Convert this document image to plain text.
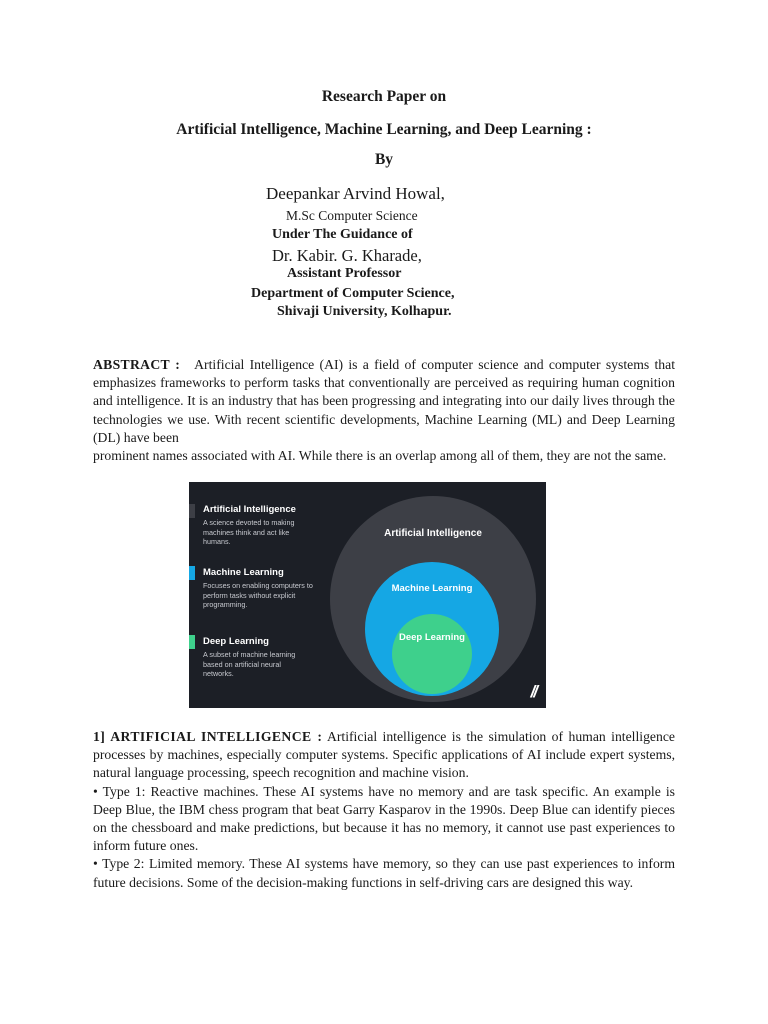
Research Paper on
Artificial Intelligence, Machine Learning, and Deep Learning :
By
Deepankar Arvind Howal,
M.Sc Computer Science
Under The Guidance of
Dr. Kabir. G. Kharade,
Assistant Professor
Department of Computer Science,
Shivaji University, Kolhapur.

ABSTRACT : Artificial Intelligence (AI) is a field of computer science and computer systems that emphasizes frameworks to perform tasks that conventionally are perceived as requiring human cognition and intelligence. It is an industry that has been progressing and integrating into our daily lives through the technologies we use. With recent scientific developments, Machine Learning (ML) and Deep Learning (DL) have been
prominent names associated with AI. While there is an overlap among all of them, they are not the same.

Artificial Intelligence
A science devoted to making machines think and act like humans.
Machine Learning
Focuses on enabling computers to perform tasks without explicit programming.
Deep Learning
A subset of machine learning based on artificial neural networks.
Artificial Intelligence
Machine Learning
Deep Learning
//

1] ARTIFICIAL INTELLIGENCE : Artificial intelligence is the simulation of human intelligence processes by machines, especially computer systems. Specific applications of AI include expert systems, natural language processing, speech recognition and machine vision.
• Type 1: Reactive machines. These AI systems have no memory and are task specific. An example is Deep Blue, the IBM chess program that beat Garry Kasparov in the 1990s. Deep Blue can identify pieces on the chessboard and make predictions, but because it has no memory, it cannot use past experiences to inform future ones.
• Type 2: Limited memory. These AI systems have memory, so they can use past experiences to inform future decisions. Some of the decision-making functions in self-driving cars are designed this way.
